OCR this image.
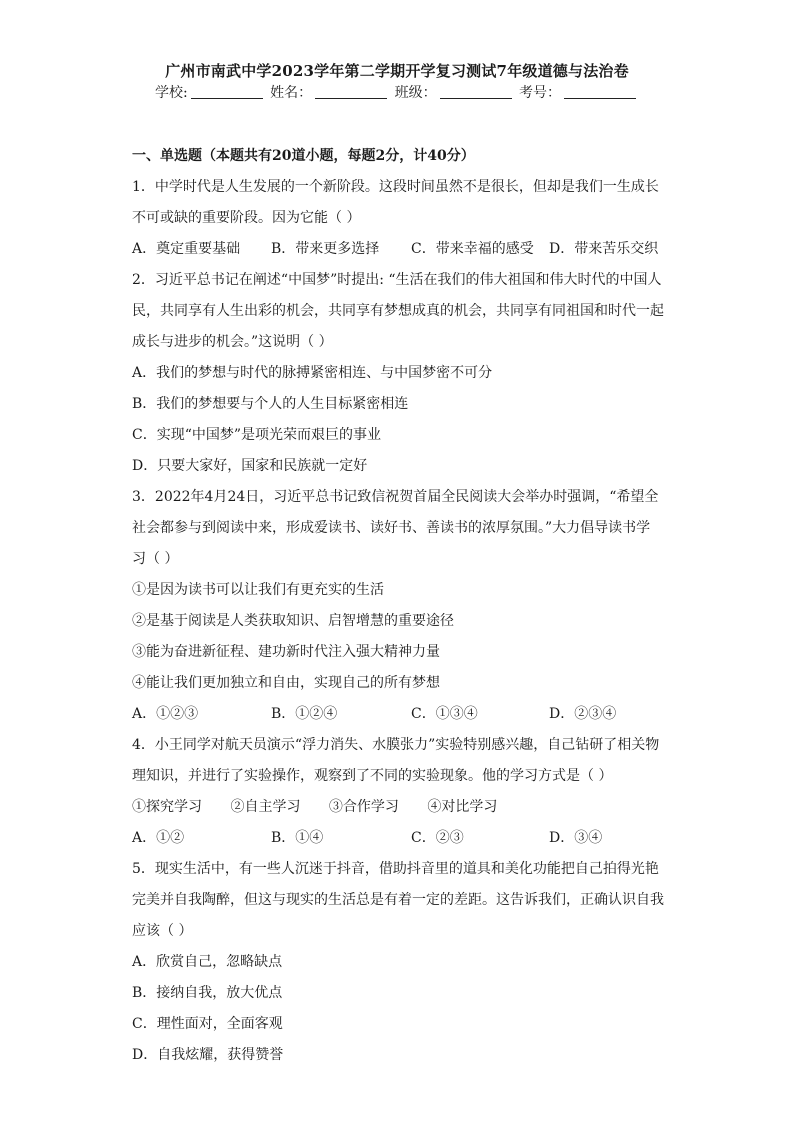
广州市南武中学2023学年第二学期开学复习测试7年级道德与法治卷
学校:	姓名：	班级：	考号：
一、单选题（本题共有20道小题，每题2分，计40分）
1．中学时代是人生发展的一个新阶段。这段时间虽然不是很长，但却是我们一生成长
不可或缺的重要阶段。因为它能（ ）
A．奠定重要基础	B．带来更多选择	C．带来幸福的感受	D．带来苦乐交织
2．习近平总书记在阐述“中国梦”时提出: “生活在我们的伟大祖国和伟大时代的中国人
民，共同享有人生出彩的机会，共同享有梦想成真的机会，共同享有同祖国和时代一起
成长与进步的机会。”这说明（ ）
A．我们的梦想与时代的脉搏紧密相连、与中国梦密不可分
B．我们的梦想要与个人的人生目标紧密相连
C．实现“中国梦”是项光荣而艰巨的事业
D．只要大家好，国家和民族就一定好
3．2022年4月24日，习近平总书记致信祝贺首届全民阅读大会举办时强调，“希望全
社会都参与到阅读中来，形成爱读书、读好书、善读书的浓厚氛围。”大力倡导读书学
习（ ）
①是因为读书可以让我们有更充实的生活
②是基于阅读是人类获取知识、启智增慧的重要途径
③能为奋进新征程、建功新时代注入强大精神力量
④能让我们更加独立和自由，实现自己的所有梦想
A．①②③	B．①②④	C．①③④	D．②③④
4．小王同学对航天员演示“浮力消失、水膜张力”实验特别感兴趣，自己钻研了相关物
理知识，并进行了实验操作，观察到了不同的实验现象。他的学习方式是（ ）
①探究学习 ②自主学习 ③合作学习 ④对比学习
A．①②	B．①④	C．②③	D．③④
5．现实生活中，有一些人沉迷于抖音，借助抖音里的道具和美化功能把自己拍得光艳
完美并自我陶醉，但这与现实的生活总是有着一定的差距。这告诉我们，正确认识自我
应该（ ）
A．欣赏自己，忽略缺点
B．接纳自我，放大优点
C．理性面对，全面客观
D．自我炫耀，获得赞誉
